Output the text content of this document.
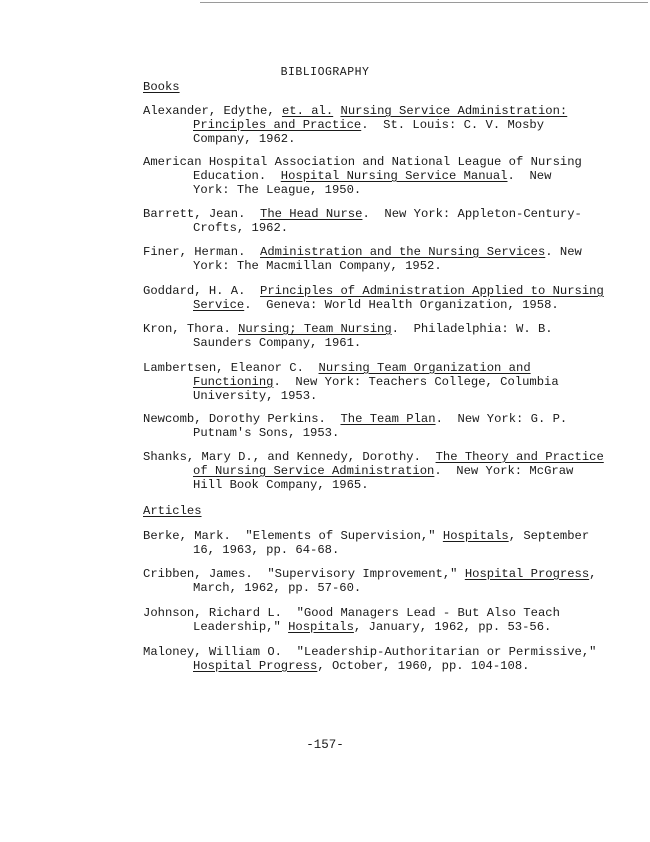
BIBLIOGRAPHY
Books
Alexander, Edythe, et. al. Nursing Service Administration:
Principles and Practice.  St. Louis: C. V. Mosby
Company, 1962.
American Hospital Association and National League of Nursing
Education.  Hospital Nursing Service Manual.  New
York: The League, 1950.
Barrett, Jean.  The Head Nurse.  New York: Appleton-Century-
Crofts, 1962.
Finer, Herman.  Administration and the Nursing Services. New
York: The Macmillan Company, 1952.
Goddard, H. A.  Principles of Administration Applied to Nursing
Service.  Geneva: World Health Organization, 1958.
Kron, Thora. Nursing; Team Nursing.  Philadelphia: W. B.
Saunders Company, 1961.
Lambertsen, Eleanor C.  Nursing Team Organization and
Functioning.  New York: Teachers College, Columbia
University, 1953.
Newcomb, Dorothy Perkins.  The Team Plan.  New York: G. P.
Putnam's Sons, 1953.
Shanks, Mary D., and Kennedy, Dorothy.  The Theory and Practice
of Nursing Service Administration.  New York: McGraw
Hill Book Company, 1965.
Articles
Berke, Mark.  "Elements of Supervision," Hospitals, September
16, 1963, pp. 64-68.
Cribben, James.  "Supervisory Improvement," Hospital Progress,
March, 1962, pp. 57-60.
Johnson, Richard L.  "Good Managers Lead - But Also Teach
Leadership," Hospitals, January, 1962, pp. 53-56.
Maloney, William O.  "Leadership-Authoritarian or Permissive,"
Hospital Progress, October, 1960, pp. 104-108.
-157-
